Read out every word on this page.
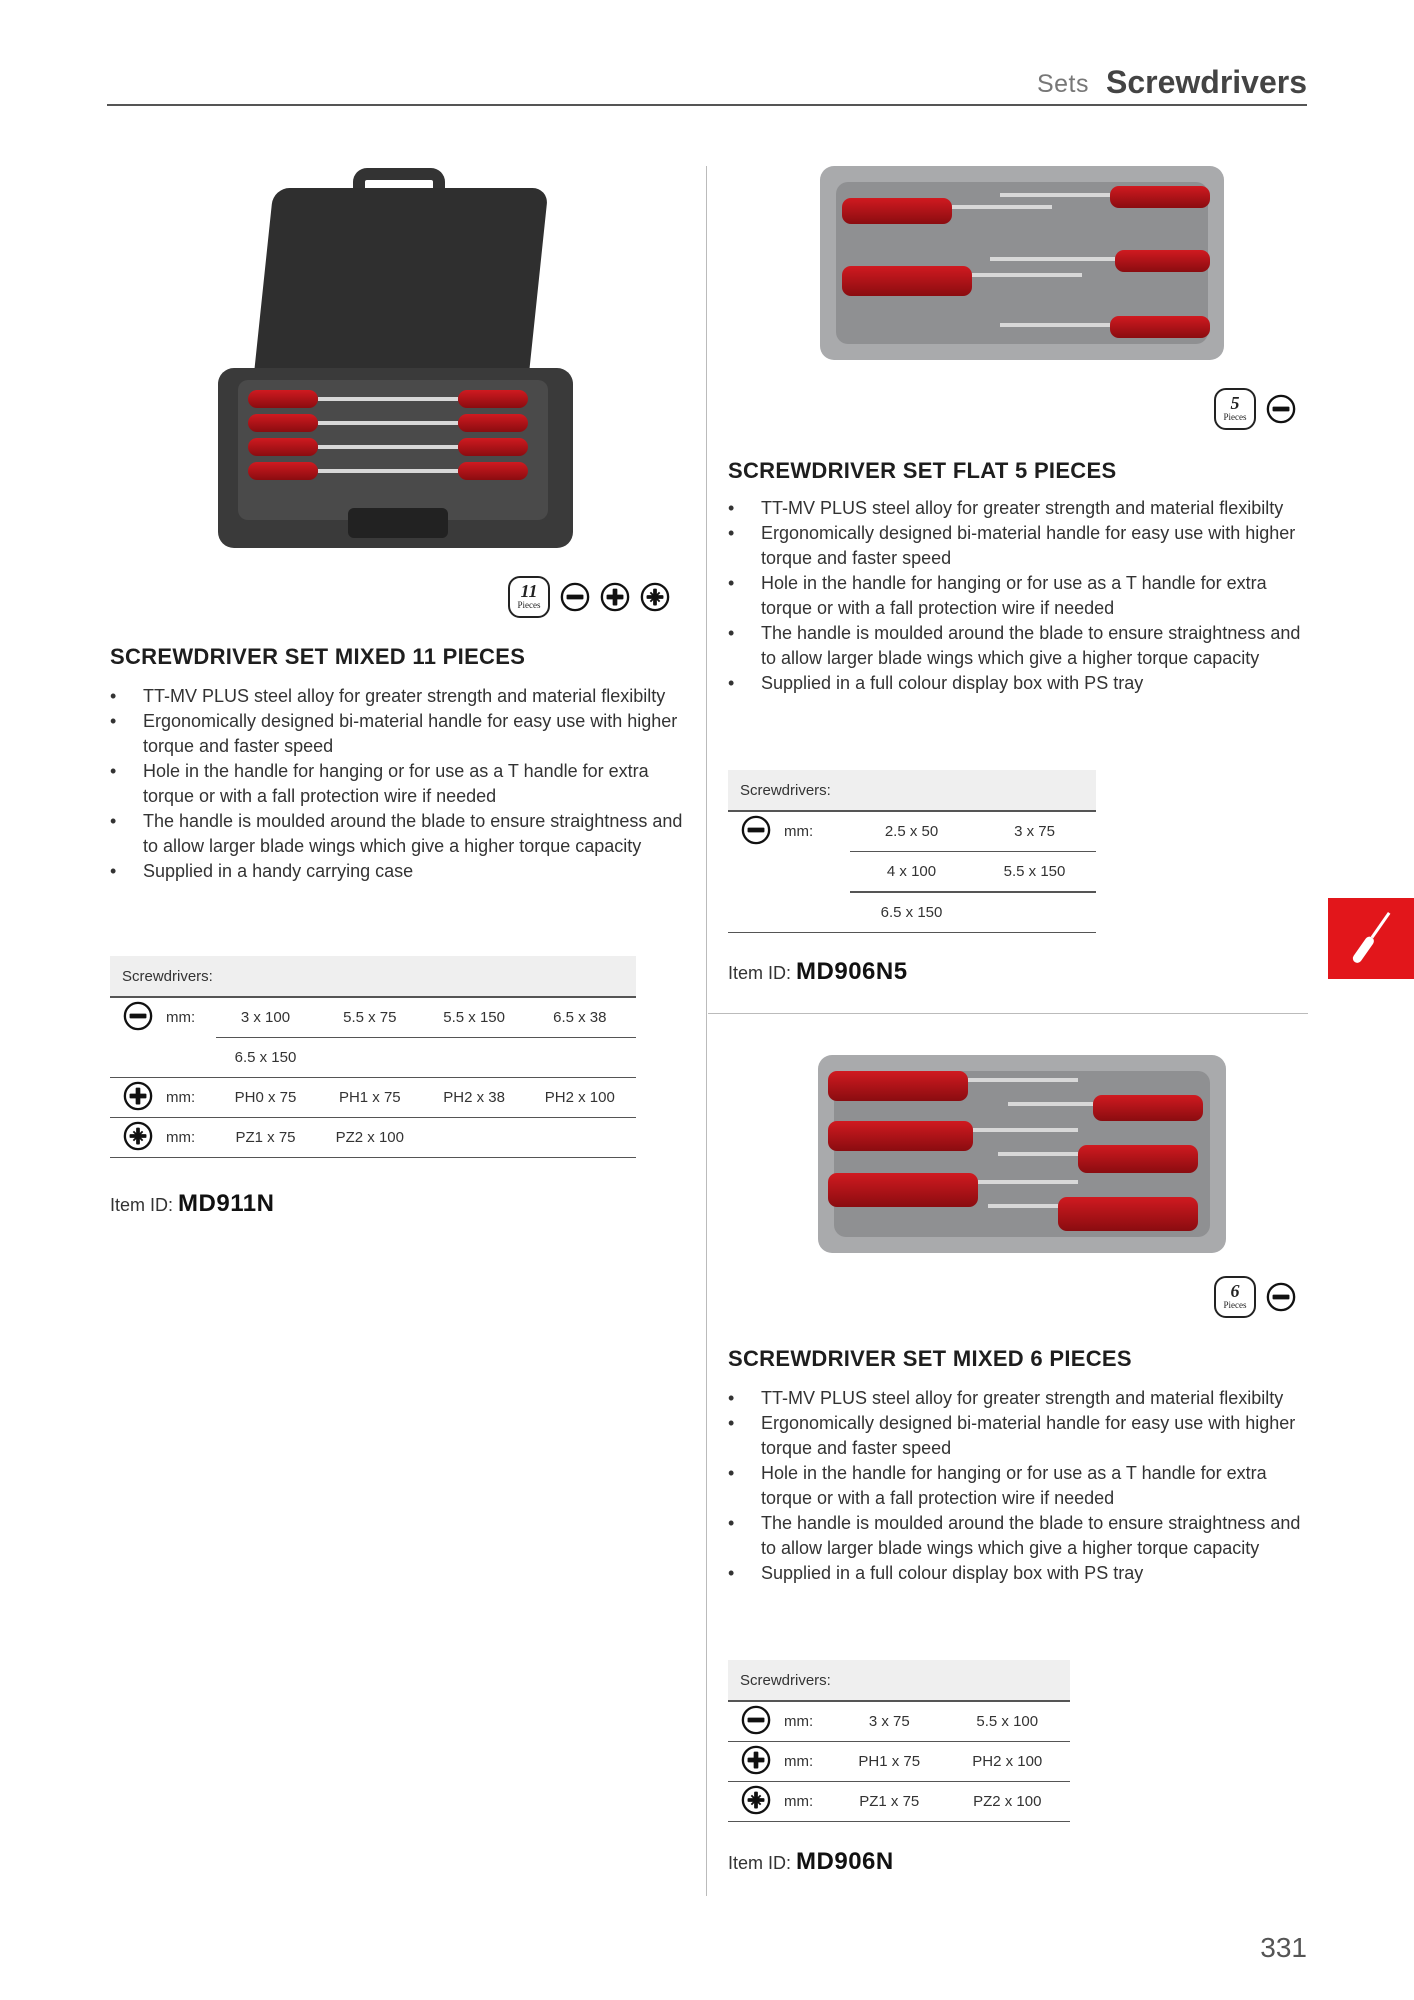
Sets Screwdrivers
11
Pieces
SCREWDRIVER SET MIXED 11 PIECES
• TT-MV PLUS steel alloy for greater strength and material flexibilty
• Ergonomically designed bi-material handle for easy use with higher torque and faster speed
• Hole in the handle for hanging or for use as a T handle for extra torque or with a fall protection wire if needed
• The handle is moulded around the blade to ensure straightness and to allow larger blade wings which give a higher torque capacity
• Supplied in a handy carrying case
Screwdrivers:					
	mm:	3 x 100	5.5 x 75	5.5 x 150	6.5 x 38
		6.5 x 150			
	mm:	PH0 x 75	PH1 x 75	PH2 x 38	PH2 x 100
	mm:	PZ1 x 75	PZ2 x 100		
Item ID: MD911N
5
Pieces
SCREWDRIVER SET FLAT 5 PIECES
• TT-MV PLUS steel alloy for greater strength and material flexibilty
• Ergonomically designed bi-material handle for easy use with higher torque and faster speed
• Hole in the handle for hanging or for use as a T handle for extra torque or with a fall protection wire if needed
• The handle is moulded around the blade to ensure straightness and to allow larger blade wings which give a higher torque capacity
• Supplied in a full colour display box with PS tray
Screwdrivers:			
	mm:	2.5 x 50	3 x 75
		4 x 100	5.5 x 150
		6.5 x 150	
Item ID: MD906N5
6
Pieces
SCREWDRIVER SET MIXED 6 PIECES
• TT-MV PLUS steel alloy for greater strength and material flexibilty
• Ergonomically designed bi-material handle for easy use with higher torque and faster speed
• Hole in the handle for hanging or for use as a T handle for extra torque or with a fall protection wire if needed
• The handle is moulded around the blade to ensure straightness and to allow larger blade wings which give a higher torque capacity
• Supplied in a full colour display box with PS tray
Screwdrivers:			
	mm:	3 x 75	5.5 x 100
	mm:	PH1 x 75	PH2 x 100
	mm:	PZ1 x 75	PZ2 x 100
Item ID: MD906N
331
